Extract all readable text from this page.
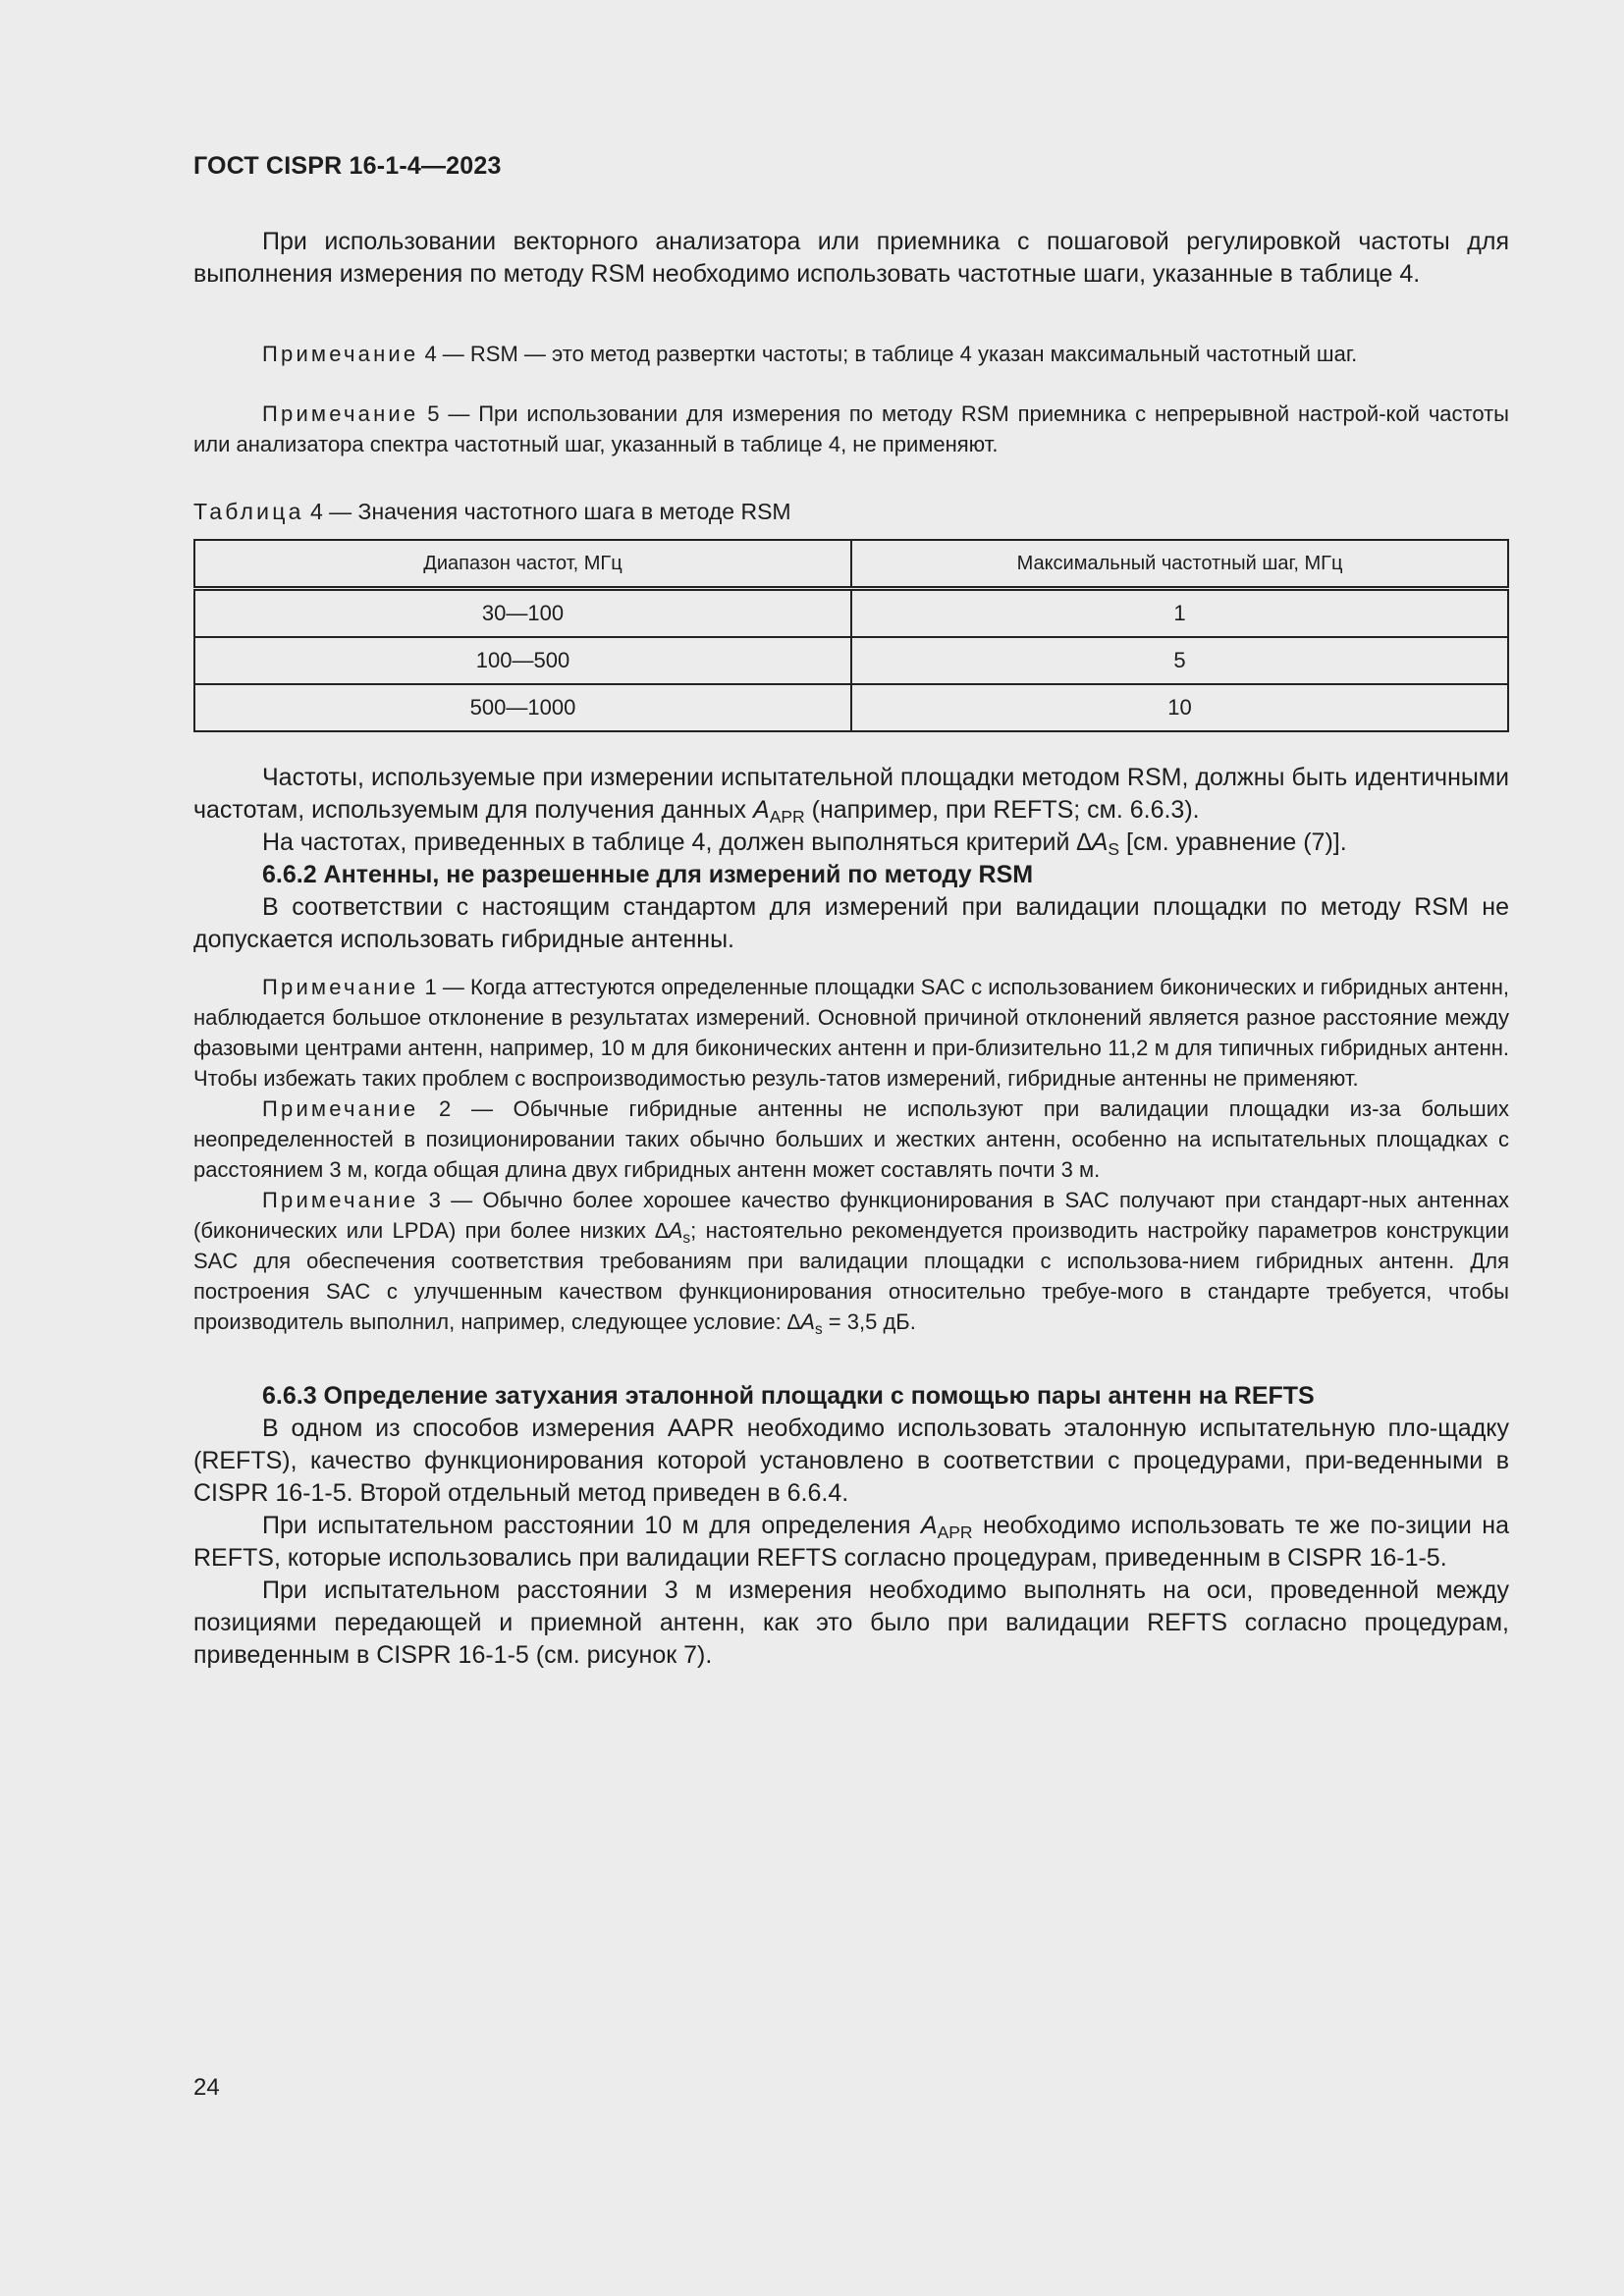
ГОСТ CISPR 16-1-4—2023

При использовании векторного анализатора или приемника с пошаговой регулировкой частоты для выполнения измерения по методу RSM необходимо использовать частотные шаги, указанные в таблице 4.

Примечание 4 — RSM — это метод развертки частоты; в таблице 4 указан максимальный частотный шаг.

Примечание 5 — При использовании для измерения по методу RSM приемника с непрерывной настрой-кой частоты или анализатора спектра частотный шаг, указанный в таблице 4, не применяют.

Таблица 4 — Значения частотного шага в методе RSM
Диапазон частот, МГц	Максимальный частотный шаг, МГц
30—100	1
100—500	5
500—1000	10

Частоты, используемые при измерении испытательной площадки методом RSM, должны быть идентичными частотам, используемым для получения данных $A_{APR}$ (например, при REFTS; см. 6.6.3).

На частотах, приведенных в таблице 4, должен выполняться критерий $\Delta A_S$ [см. уравнение (7)].

6.6.2 Антенны, не разрешенные для измерений по методу RSM

В соответствии с настоящим стандартом для измерений при валидации площадки по методу RSM не допускается использовать гибридные антенны.

Примечание 1 — Когда аттестуются определенные площадки SAC с использованием биконических и гибридных антенн, наблюдается большое отклонение в результатах измерений. Основной причиной отклонений является разное расстояние между фазовыми центрами антенн, например, 10 м для биконических антенн и при-близительно 11,2 м для типичных гибридных антенн. Чтобы избежать таких проблем с воспроизводимостью резуль-татов измерений, гибридные антенны не применяют.

Примечание 2 — Обычные гибридные антенны не используют при валидации площадки из-за больших неопределенностей в позиционировании таких обычно больших и жестких антенн, особенно на испытательных площадках с расстоянием 3 м, когда общая длина двух гибридных антенн может составлять почти 3 м.

Примечание 3 — Обычно более хорошее качество функционирования в SAC получают при стандарт-ных антеннах (биконических или LPDA) при более низких $\Delta A_s$; настоятельно рекомендуется производить настройку параметров конструкции SAC для обеспечения соответствия требованиям при валидации площадки с использова-нием гибридных антенн. Для построения SAC с улучшенным качеством функционирования относительно требуе-мого в стандарте требуется, чтобы производитель выполнил, например, следующее условие: $\Delta A_s = 3,5$ дБ.

6.6.3 Определение затухания эталонной площадки с помощью пары антенн на REFTS

В одном из способов измерения AAPR необходимо использовать эталонную испытательную пло-щадку (REFTS), качество функционирования которой установлено в соответствии с процедурами, при-веденными в CISPR 16-1-5. Второй отдельный метод приведен в 6.6.4.

При испытательном расстоянии 10 м для определения $A_{APR}$ необходимо использовать те же по-зиции на REFTS, которые использовались при валидации REFTS согласно процедурам, приведенным в CISPR 16-1-5.

При испытательном расстоянии 3 м измерения необходимо выполнять на оси, проведенной между позициями передающей и приемной антенн, как это было при валидации REFTS согласно процедурам, приведенным в CISPR 16-1-5 (см. рисунок 7).

24
